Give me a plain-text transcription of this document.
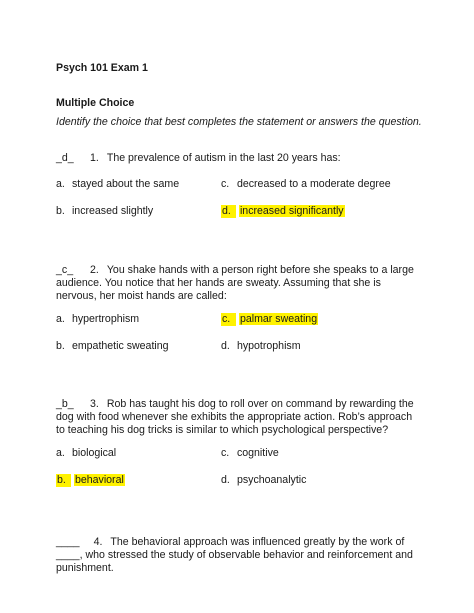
Psych 101 Exam 1
Multiple Choice
Identify the choice that best completes the statement or answers the question.
_d_ 1. The prevalence of autism in the last 20 years has:
a. stayed about the same	c. decreased to a moderate degree
b. increased slightly	d. increased significantly
_c_ 2. You shake hands with a person right before she speaks to a large audience. You notice that her hands are sweaty. Assuming that she is nervous, her moist hands are called:
a. hypertrophism	c. palmar sweating
b. empathetic sweating	d. hypotrophism
_b_ 3. Rob has taught his dog to roll over on command by rewarding the dog with food whenever she exhibits the appropriate action. Rob’s approach to teaching his dog tricks is similar to which psychological perspective?
a. biological	c. cognitive
b. behavioral	d. psychoanalytic
____ 4. The behavioral approach was influenced greatly by the work of ____, who stressed the study of observable behavior and reinforcement and punishment.
